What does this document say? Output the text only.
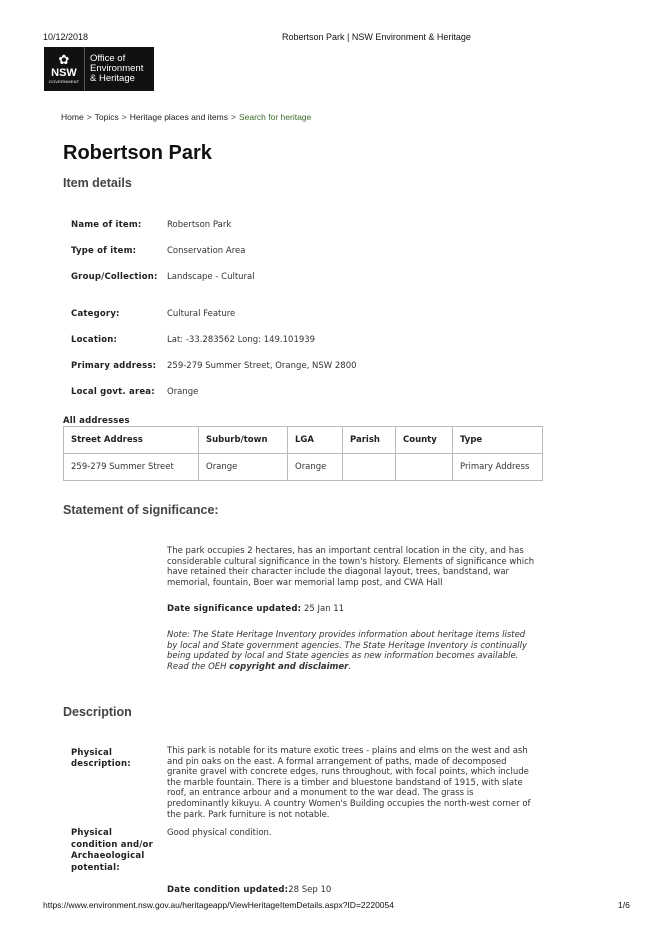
10/12/2018	Robertson Park | NSW Environment & Heritage
✿
NSW
GOVERNMENT
Office of
Environment
& Heritage
Home > Topics > Heritage places and items > Search for heritage
Robertson Park
Item details
Name of item:	Robertson Park
Type of item:	Conservation Area
Group/Collection: Landscape - Cultural
Category:	Cultural Feature
Location:	Lat: -33.283562 Long: 149.101939
Primary address: 259-279 Summer Street, Orange, NSW 2800
Local govt. area: Orange
All addresses
Street Address	Suburb/town	LGA	Parish	County	Type
259-279 Summer Street	Orange	Orange			Primary Address
Statement of significance:
The park occupies 2 hectares, has an important central location in the city, and has considerable cultural significance in the town's history. Elements of significance which have retained their character include the diagonal layout, trees, bandstand, war memorial, fountain, Boer war memorial lamp post, and CWA Hall
Date significance updated: 25 Jan 11
Note: The State Heritage Inventory provides information about heritage items listed by local and State government agencies. The State Heritage Inventory is continually being updated by local and State agencies as new information becomes available. Read the OEH copyright and disclaimer.
Description
Physical description:
This park is notable for its mature exotic trees - plains and elms on the west and ash and pin oaks on the east. A formal arrangement of paths, made of decomposed granite gravel with concrete edges, runs throughout, with focal points, which include the marble fountain. There is a timber and bluestone bandstand of 1915, with slate roof, an entrance arbour and a monument to the war dead. The grass is predominantly kikuyu. A country Women's Building occupies the north-west corner of the park. Park furniture is not notable.
Physical condition and/or Archaeological potential:
Good physical condition.
Date condition updated:28 Sep 10
https://www.environment.nsw.gov.au/heritageapp/ViewHeritageItemDetails.aspx?ID=2220054	1/6
